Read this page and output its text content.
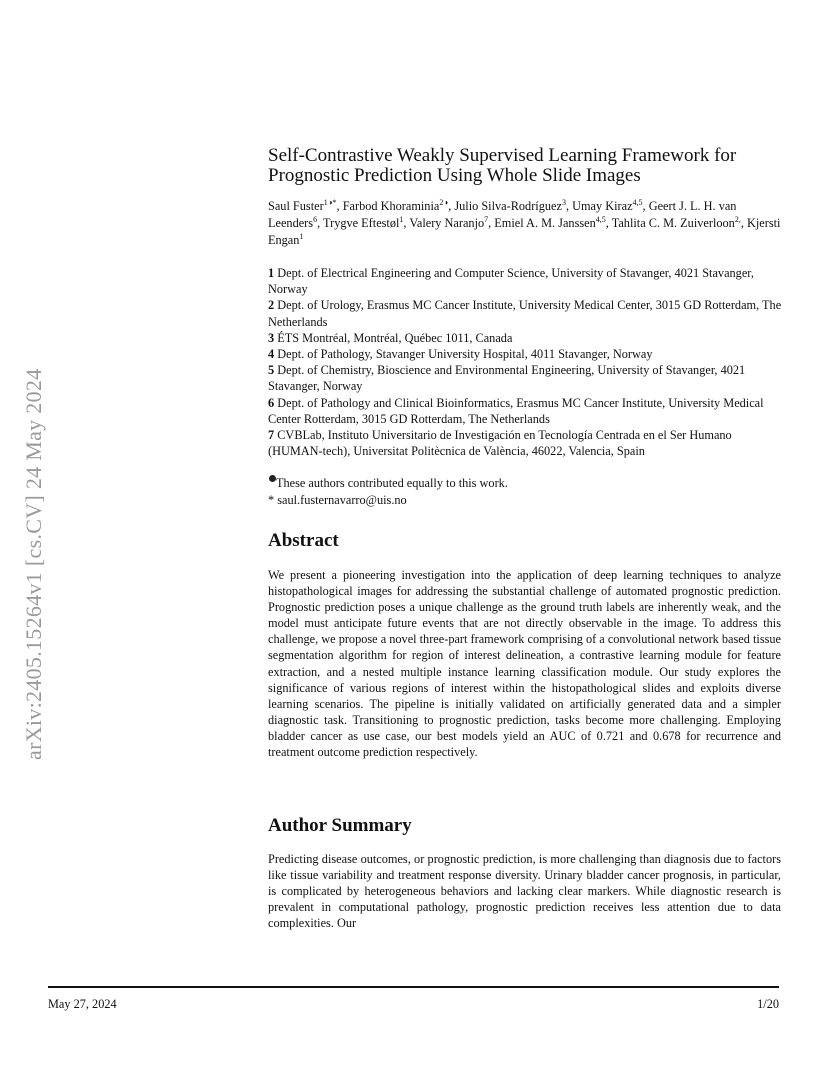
arXiv:2405.15264v1 [cs.CV] 24 May 2024
Self-Contrastive Weakly Supervised Learning Framework for Prognostic Prediction Using Whole Slide Images
Saul Fuster$^{1◑*}$, Farbod Khoraminia$^{2◑}$, Julio Silva-Rodríguez$^3$, Umay Kiraz$^{4,5}$, Geert J. L. H. van Leenders$^6$, Trygve Eftestøl$^1$, Valery Naranjo$^7$, Emiel A. M. Janssen$^{4,5}$, Tahlita C. M. Zuiverloon$^{2,}$, Kjersti Engan$^1$

1 Dept. of Electrical Engineering and Computer Science, University of Stavanger, 4021 Stavanger, Norway

2 Dept. of Urology, Erasmus MC Cancer Institute, University Medical Center, 3015 GD Rotterdam, The Netherlands

3 ÉTS Montréal, Montréal, Québec 1011, Canada

4 Dept. of Pathology, Stavanger University Hospital, 4011 Stavanger, Norway

5 Dept. of Chemistry, Bioscience and Environmental Engineering, University of Stavanger, 4021 Stavanger, Norway

6 Dept. of Pathology and Clinical Bioinformatics, Erasmus MC Cancer Institute, University Medical Center Rotterdam, 3015 GD Rotterdam, The Netherlands

7 CVBLab, Instituto Universitario de Investigación en Tecnología Centrada en el Ser Humano (HUMAN-tech), Universitat Politècnica de València, 46022, Valencia, Spain

These authors contributed equally to this work.

* saul.fusternavarro@uis.no

Abstract

We present a pioneering investigation into the application of deep learning techniques to analyze histopathological images for addressing the substantial challenge of automated prognostic prediction. Prognostic prediction poses a unique challenge as the ground truth labels are inherently weak, and the model must anticipate future events that are not directly observable in the image. To address this challenge, we propose a novel three-part framework comprising of a convolutional network based tissue segmentation algorithm for region of interest delineation, a contrastive learning module for feature extraction, and a nested multiple instance learning classification module. Our study explores the significance of various regions of interest within the histopathological slides and exploits diverse learning scenarios. The pipeline is initially validated on artificially generated data and a simpler diagnostic task. Transitioning to prognostic prediction, tasks become more challenging. Employing bladder cancer as use case, our best models yield an AUC of 0.721 and 0.678 for recurrence and treatment outcome prediction respectively.

Author Summary

Predicting disease outcomes, or prognostic prediction, is more challenging than diagnosis due to factors like tissue variability and treatment response diversity. Urinary bladder cancer prognosis, in particular, is complicated by heterogeneous behaviors and lacking clear markers. While diagnostic research is prevalent in computational pathology, prognostic prediction receives less attention due to data complexities. Our

May 27, 2024	1/20
